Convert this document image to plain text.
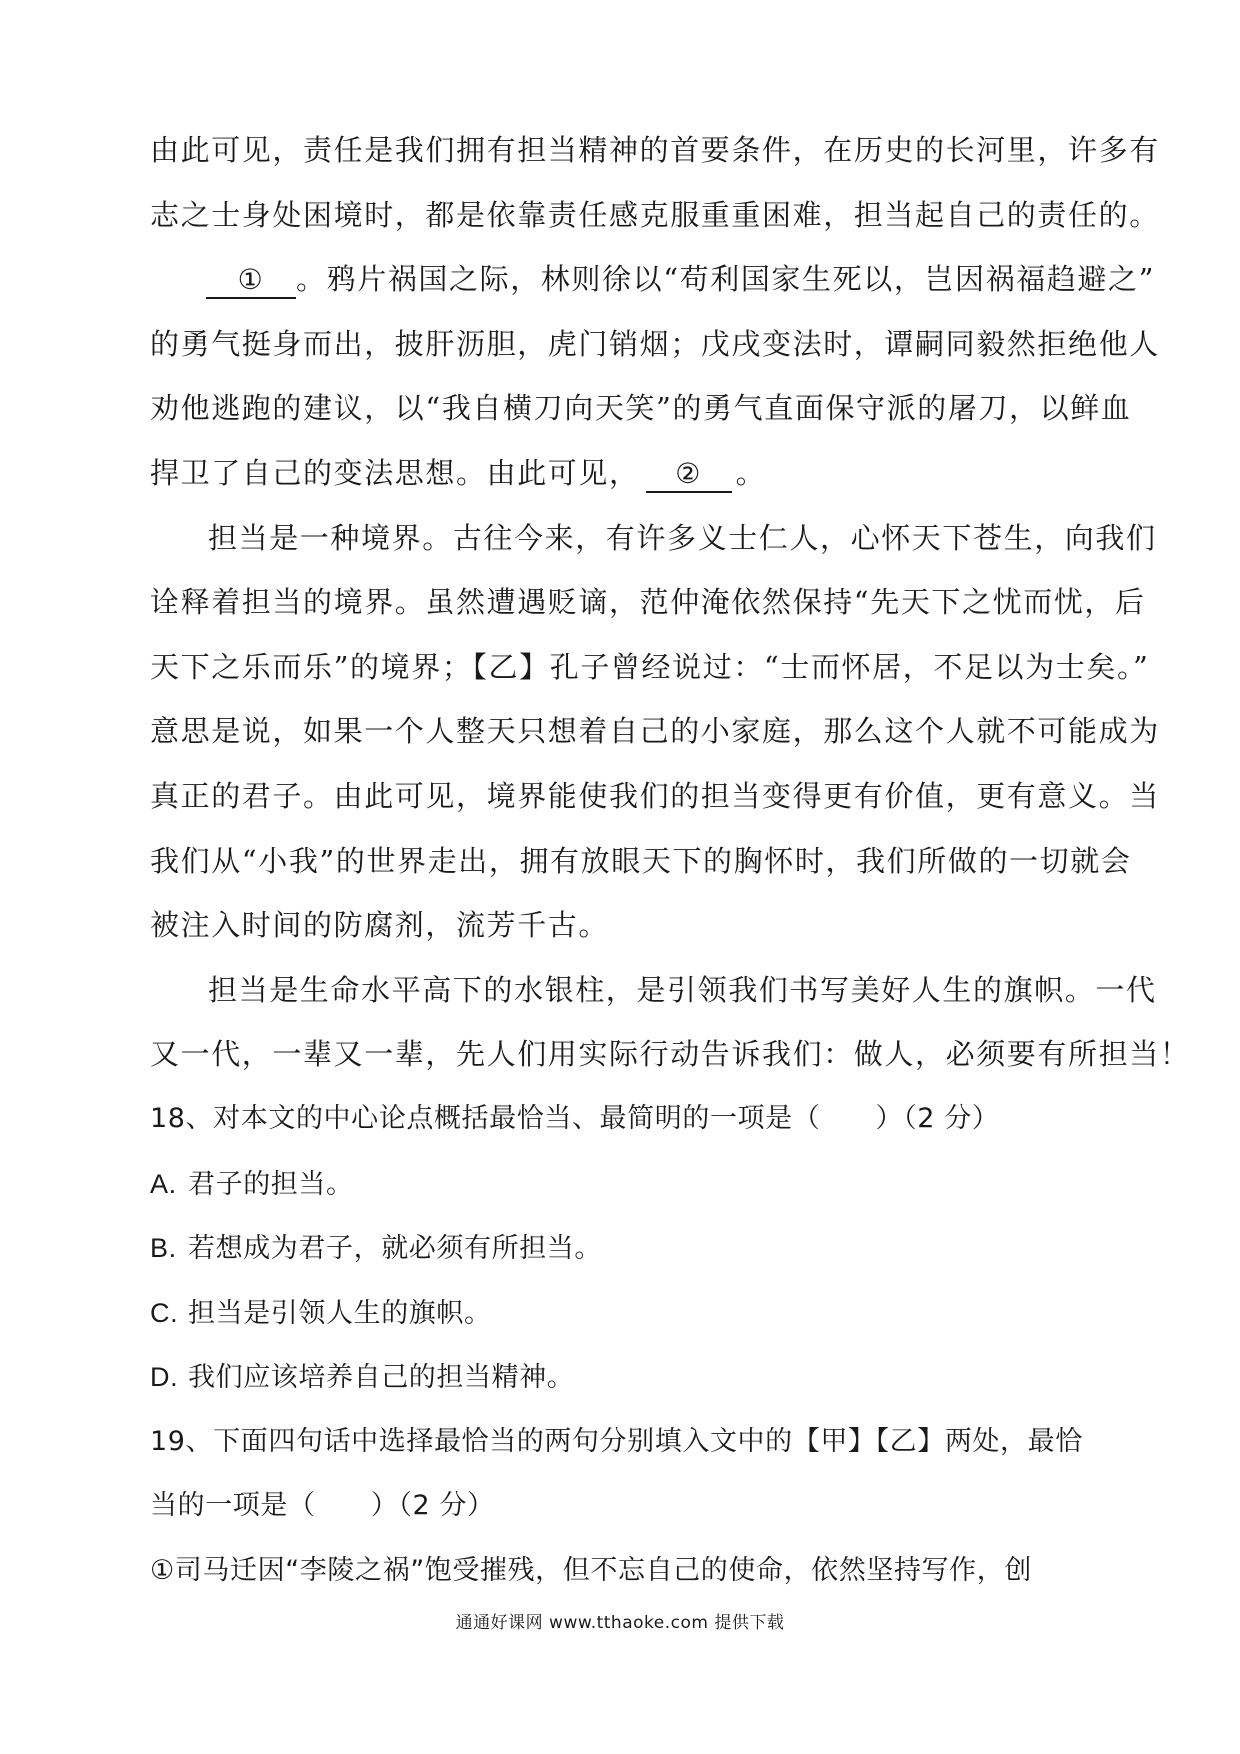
由此可见，责任是我们拥有担当精神的首要条件，在历史的长河里，许多有
志之士身处困境时，都是依靠责任感克服重重困难，担当起自己的责任的。
① 。鸦片祸国之际，林则徐以“苟利国家生死以，岂因祸福趋避之”
的勇气挺身而出，披肝沥胆，虎门销烟；戊戌变法时，谭嗣同毅然拒绝他人
劝他逃跑的建议，以“我自横刀向天笑”的勇气直面保守派的屠刀，以鲜血
捍卫了自己的变法思想。由此可见， ② 。
担当是一种境界。古往今来，有许多义士仁人，心怀天下苍生，向我们
诠释着担当的境界。虽然遭遇贬谪，范仲淹依然保持“先天下之忧而忧，后
天下之乐而乐”的境界；【乙】孔子曾经说过：“士而怀居，不足以为士矣。”
意思是说，如果一个人整天只想着自己的小家庭，那么这个人就不可能成为
真正的君子。由此可见，境界能使我们的担当变得更有价值，更有意义。当
我们从“小我”的世界走出，拥有放眼天下的胸怀时，我们所做的一切就会
被注入时间的防腐剂，流芳千古。
担当是生命水平高下的水银柱，是引领我们书写美好人生的旗帜。一代
又一代，一辈又一辈，先人们用实际行动告诉我们：做人，必须要有所担当！
18、对本文的中心论点概括最恰当、最简明的一项是（　　）（2 分）
A. 君子的担当。
B. 若想成为君子，就必须有所担当。
C. 担当是引领人生的旗帜。
D. 我们应该培养自己的担当精神。
19、下面四句话中选择最恰当的两句分别填入文中的【甲】【乙】两处，最恰
当的一项是（　　）（2 分）
①司马迁因“李陵之祸”饱受摧残，但不忘自己的使命，依然坚持写作，创
通通好课网 www.tthaoke.com 提供下载
